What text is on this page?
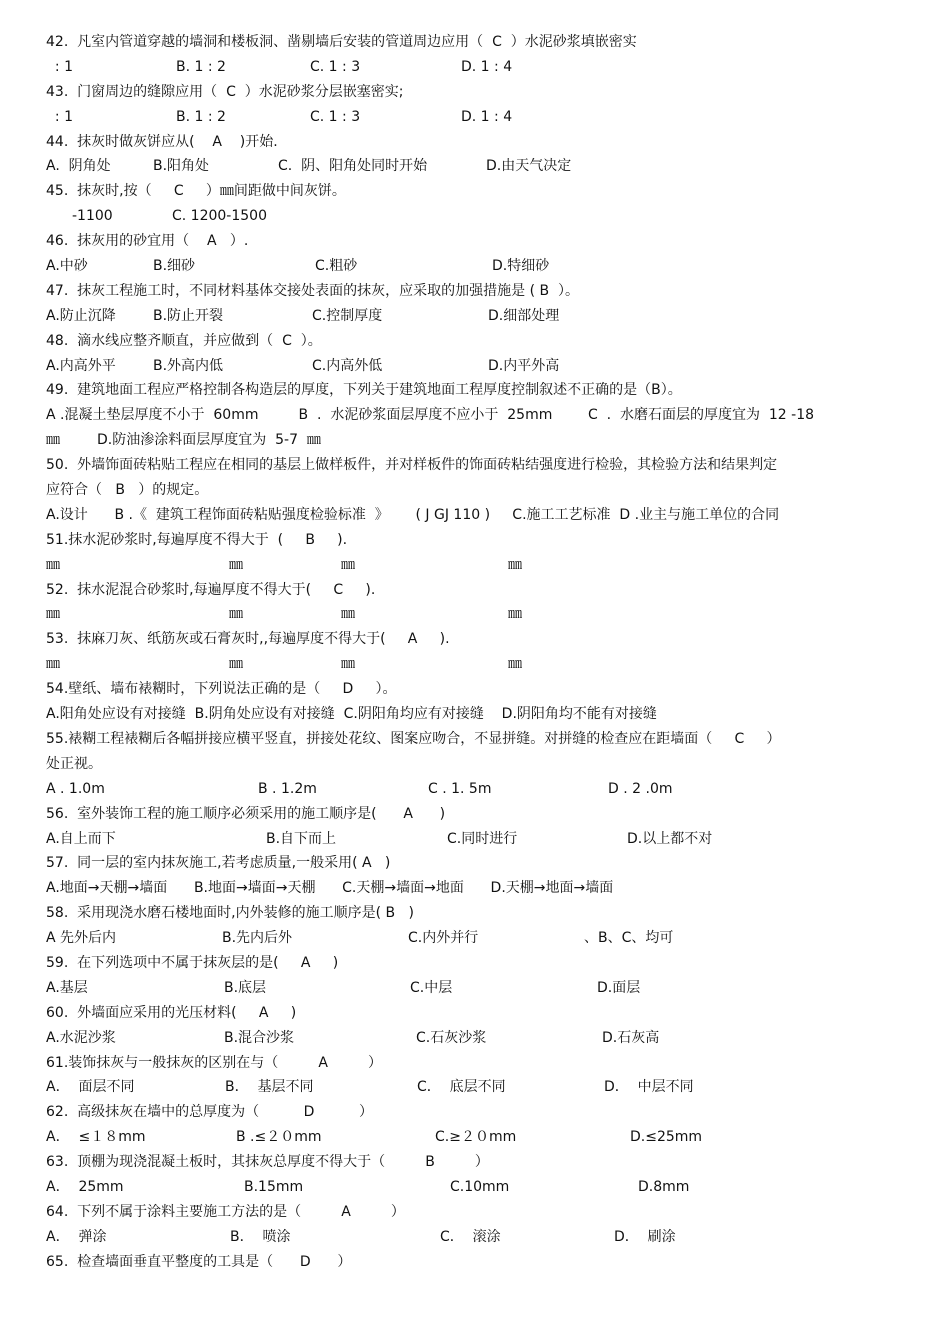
42.  凡室内管道穿越的墙洞和楼板洞、凿剔墙后安装的管道周边应用（  C  ）水泥砂浆填嵌密实
: 1	B. 1 : 2	C. 1 : 3	D. 1 : 4
43.  门窗周边的缝隙应用（  C  ）水泥砂浆分层嵌塞密实;
: 1	B. 1 : 2	C. 1 : 3	D. 1 : 4
44.  抹灰时做灰饼应从(    A    )开始.
A.  阴角处	B.阳角处	C.  阴、阳角处同时开始	D.由天气决定
45.  抹灰时,按（     C     ）㎜间距做中间灰饼。
-1100	C. 1200-1500
46.  抹灰用的砂宜用（    A   ）.
A.中砂	B.细砂	C.粗砂	D.特细砂
47.  抹灰工程施工时，不同材料基体交接处表面的抹灰，应采取的加强措施是 ( B  ）。
A.防止沉降	B.防止开裂	C.控制厚度	D.细部处理
48.  滴水线应整齐顺直，并应做到（  C  ）。
A.内高外平	B.外高内低	C.内高外低	D.内平外高
49.  建筑地面工程应严格控制各构造层的厚度，下列关于建筑地面工程厚度控制叙述不正确的是（B）。
A .混凝土垫层厚度不小于  60mm         B  .  水泥砂浆面层厚度不应小于  25mm        C  .  水磨石面层的厚度宜为  12 -18
㎜	D.防油渗涂料面层厚度宜为  5-7  ㎜
50.  外墙饰面砖粘贴工程应在相同的基层上做样板件，并对样板件的饰面砖粘结强度进行检验，其检验方法和结果判定
应符合（   B   ）的规定。
A.设计      B .《  建筑工程饰面砖粘贴强度检验标准  》      ( J GJ 110 )     C.施工工艺标准  D .业主与施工单位的合同
51.抹水泥砂浆时,每遍厚度不得大于  (     B     ).
㎜	㎜	㎜	㎜
52.  抹水泥混合砂浆时,每遍厚度不得大于(     C     ).
㎜	㎜	㎜	㎜
53.  抹麻刀灰、纸筋灰或石膏灰时,,每遍厚度不得大于(     A     ).
㎜	㎜	㎜	㎜
54.壁纸、墙布裱糊时，下列说法正确的是（     D     ）。
A.阳角处应设有对接缝  B.阴角处应设有对接缝  C.阴阳角均应有对接缝    D.阴阳角均不能有对接缝
55.裱糊工程裱糊后各幅拼接应横平竖直，拼接处花纹、图案应吻合，不显拼缝。对拼缝的检查应在距墙面（     C     ）
处正视。
A . 1.0m	B . 1.2m	C . 1. 5m	D . 2 .0m
56.  室外装饰工程的施工顺序必须采用的施工顺序是(      A      )
A.自上而下	B.自下而上	C.同时进行	D.以上都不对
57.  同一层的室内抹灰施工,若考虑质量,一般采用( A   )
A.地面→天棚→墙面      B.地面→墙面→天棚      C.天棚→墙面→地面      D.天棚→地面→墙面
58.  采用现浇水磨石楼地面时,内外装修的施工顺序是( B   )
A 先外后内	B.先内后外	C.内外并行	、B、C、均可
59.  在下列选项中不属于抹灰层的是(     A     )
A.基层	B.底层	C.中层	D.面层
60.  外墙面应采用的光压材料(     A     )
A.水泥沙浆	B.混合沙浆	C.石灰沙浆	D.石灰高
61.装饰抹灰与一般抹灰的区别在与（         A         ）
A．  面层不同	B．  基层不同	C．  底层不同	D．  中层不同
62.  高级抹灰在墙中的总厚度为（          D          ）
A．  ≤１８mm	B .≤２０mm	C.≥２０mm	D.≤25mm
63.  顶棚为现浇混凝土板时，其抹灰总厚度不得大于（         B         ）
A．  25mm	B.15mm	C.10mm	D.8mm
64.  下列不属于涂料主要施工方法的是（         A         ）
A．  弹涂	B．  喷涂	C．  滚涂	D．  刷涂
65.  检查墙面垂直平整度的工具是（      D      ）
